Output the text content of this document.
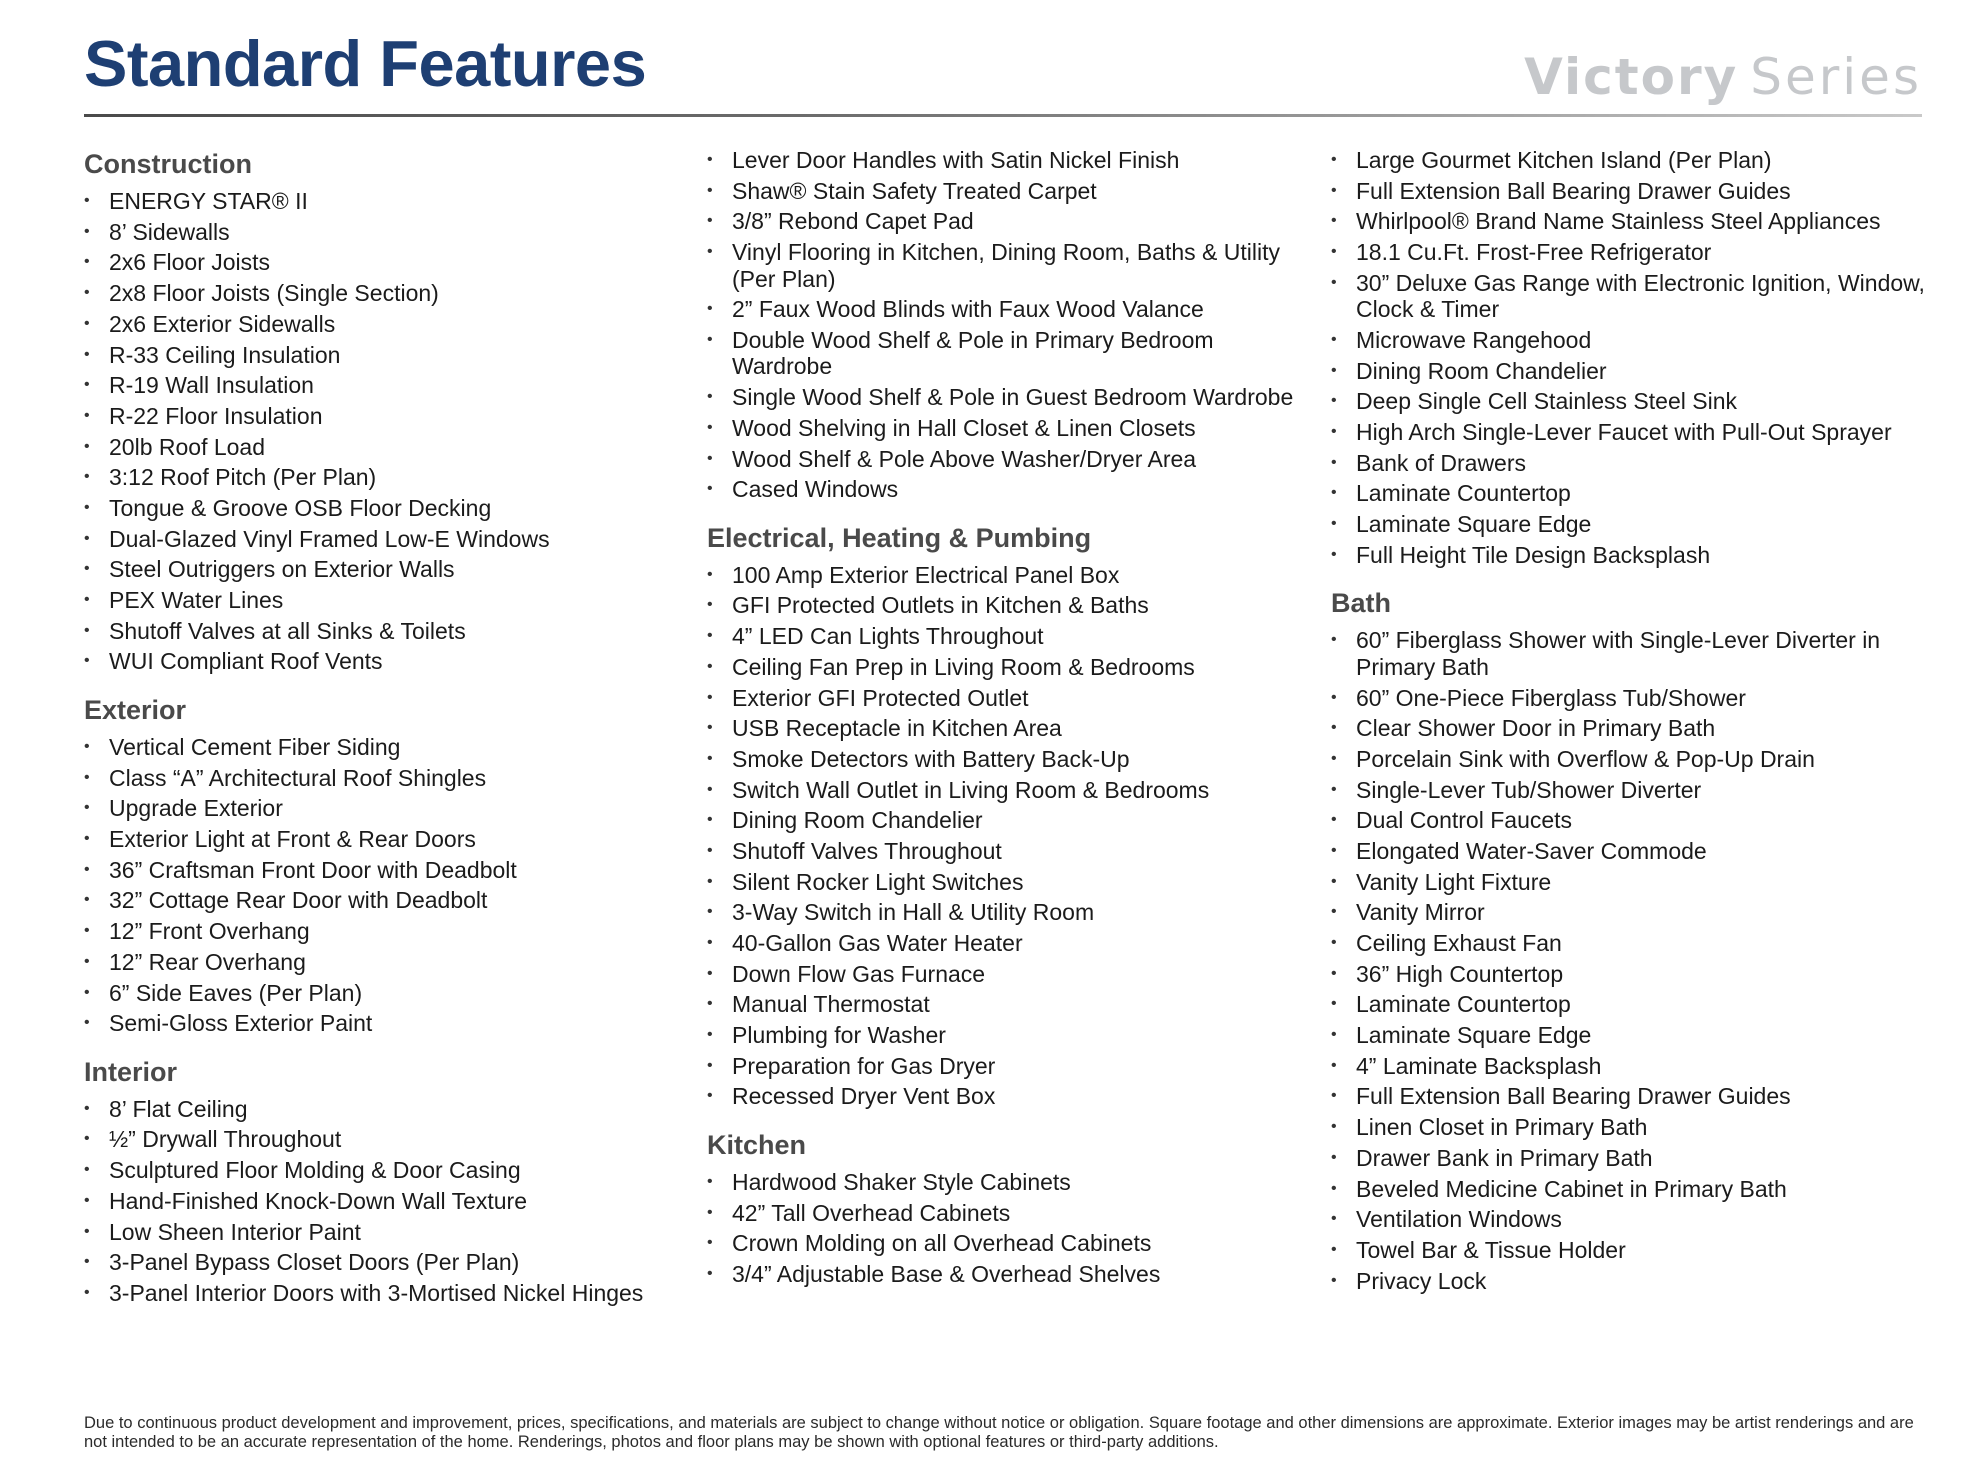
Standard Features	Victory Series
Construction
• ENERGY STAR® II
• 8’ Sidewalls
• 2x6 Floor Joists
• 2x8 Floor Joists (Single Section)
• 2x6 Exterior Sidewalls
• R-33 Ceiling Insulation
• R-19 Wall Insulation
• R-22 Floor Insulation
• 20lb Roof Load
• 3:12 Roof Pitch (Per Plan)
• Tongue & Groove OSB Floor Decking
• Dual-Glazed Vinyl Framed Low-E Windows
• Steel Outriggers on Exterior Walls
• PEX Water Lines
• Shutoff Valves at all Sinks & Toilets
• WUI Compliant Roof Vents
Exterior
• Vertical Cement Fiber Siding
• Class “A” Architectural Roof Shingles
• Upgrade Exterior
• Exterior Light at Front & Rear Doors
• 36” Craftsman Front Door with Deadbolt
• 32” Cottage Rear Door with Deadbolt
• 12” Front Overhang
• 12” Rear Overhang
• 6” Side Eaves (Per Plan)
• Semi-Gloss Exterior Paint
Interior
• 8’ Flat Ceiling
• ½” Drywall Throughout
• Sculptured Floor Molding & Door Casing
• Hand-Finished Knock-Down Wall Texture
• Low Sheen Interior Paint
• 3-Panel Bypass Closet Doors (Per Plan)
• 3-Panel Interior Doors with 3-Mortised Nickel Hinges
• Lever Door Handles with Satin Nickel Finish
• Shaw® Stain Safety Treated Carpet
• 3/8” Rebond Capet Pad
• Vinyl Flooring in Kitchen, Dining Room, Baths & Utility (Per Plan)
• 2” Faux Wood Blinds with Faux Wood Valance
• Double Wood Shelf & Pole in Primary Bedroom Wardrobe
• Single Wood Shelf & Pole in Guest Bedroom Wardrobe
• Wood Shelving in Hall Closet & Linen Closets
• Wood Shelf & Pole Above Washer/Dryer Area
• Cased Windows
Electrical, Heating & Pumbing
• 100 Amp Exterior Electrical Panel Box
• GFI Protected Outlets in Kitchen & Baths
• 4” LED Can Lights Throughout
• Ceiling Fan Prep in Living Room & Bedrooms
• Exterior GFI Protected Outlet
• USB Receptacle in Kitchen Area
• Smoke Detectors with Battery Back-Up
• Switch Wall Outlet in Living Room & Bedrooms
• Dining Room Chandelier
• Shutoff Valves Throughout
• Silent Rocker Light Switches
• 3-Way Switch in Hall & Utility Room
• 40-Gallon Gas Water Heater
• Down Flow Gas Furnace
• Manual Thermostat
• Plumbing for Washer
• Preparation for Gas Dryer
• Recessed Dryer Vent Box
Kitchen
• Hardwood Shaker Style Cabinets
• 42” Tall Overhead Cabinets
• Crown Molding on all Overhead Cabinets
• 3/4” Adjustable Base & Overhead Shelves
• Large Gourmet Kitchen Island (Per Plan)
• Full Extension Ball Bearing Drawer Guides
• Whirlpool® Brand Name Stainless Steel Appliances
• 18.1 Cu.Ft. Frost-Free Refrigerator
• 30” Deluxe Gas Range with Electronic Ignition, Window, Clock & Timer
• Microwave Rangehood
• Dining Room Chandelier
• Deep Single Cell Stainless Steel Sink
• High Arch Single-Lever Faucet with Pull-Out Sprayer
• Bank of Drawers
• Laminate Countertop
• Laminate Square Edge
• Full Height Tile Design Backsplash
Bath
• 60” Fiberglass Shower with Single-Lever Diverter in Primary Bath
• 60” One-Piece Fiberglass Tub/Shower
• Clear Shower Door in Primary Bath
• Porcelain Sink with Overflow & Pop-Up Drain
• Single-Lever Tub/Shower Diverter
• Dual Control Faucets
• Elongated Water-Saver Commode
• Vanity Light Fixture
• Vanity Mirror
• Ceiling Exhaust Fan
• 36” High Countertop
• Laminate Countertop
• Laminate Square Edge
• 4” Laminate Backsplash
• Full Extension Ball Bearing Drawer Guides
• Linen Closet in Primary Bath
• Drawer Bank in Primary Bath
• Beveled Medicine Cabinet in Primary Bath
• Ventilation Windows
• Towel Bar & Tissue Holder
• Privacy Lock

Due to continuous product development and improvement, prices, specifications, and materials are subject to change without notice or obligation. Square footage and other dimensions are approximate. Exterior images may be artist renderings and are not intended to be an accurate representation of the home. Renderings, photos and floor plans may be shown with optional features or third-party additions.
